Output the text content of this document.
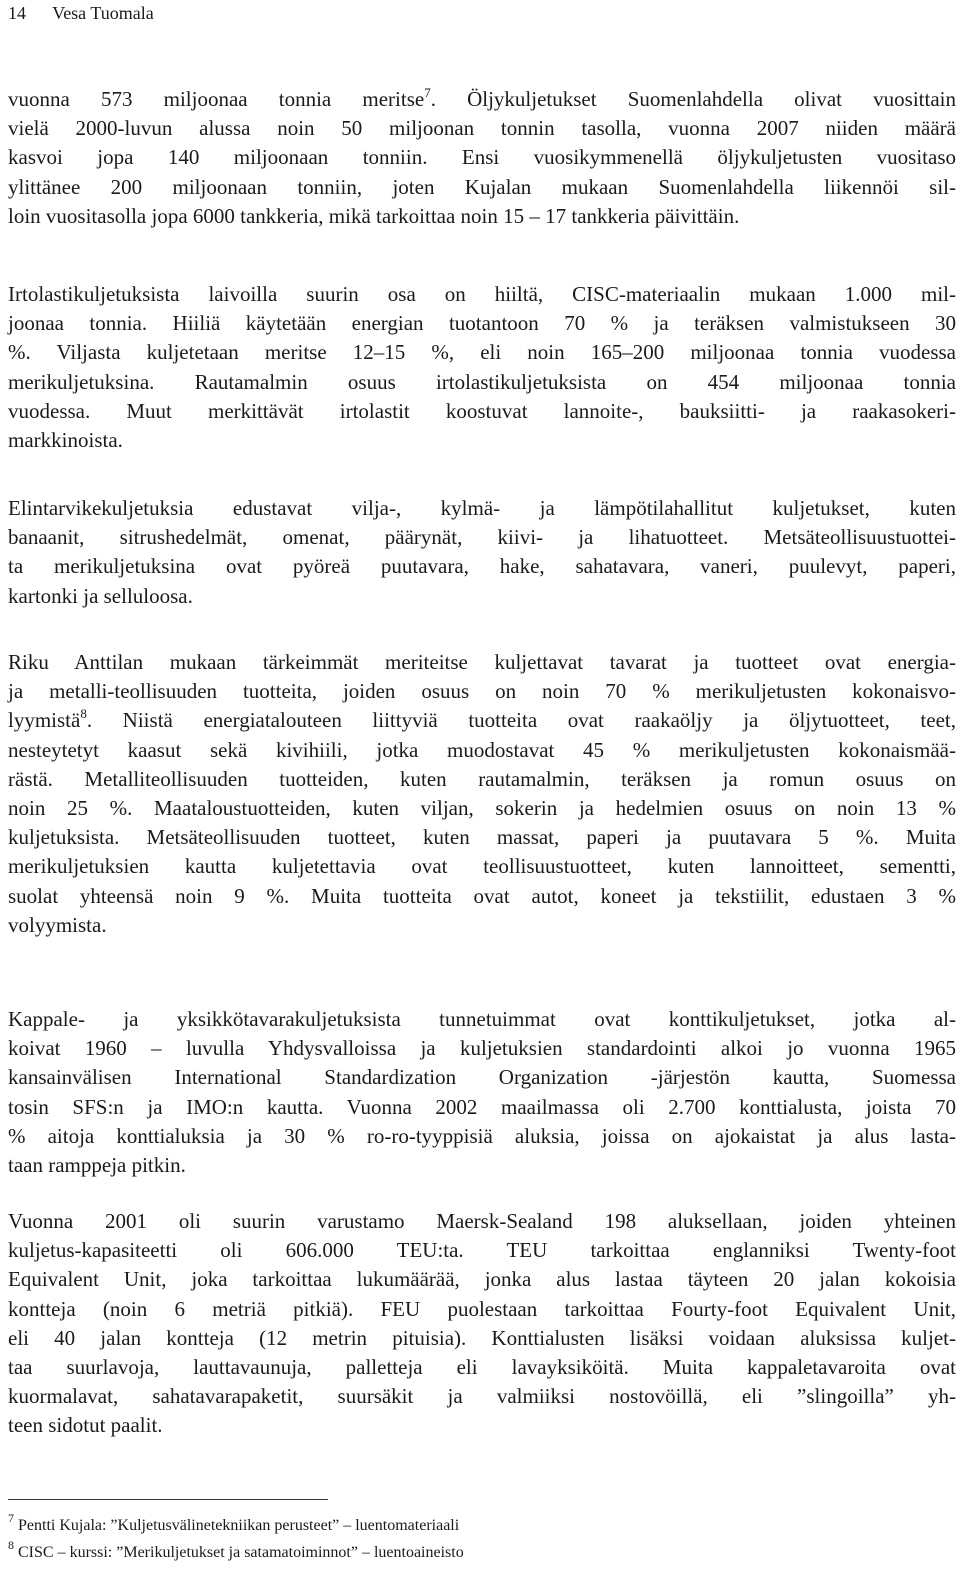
14 Vesa Tuomala
vuonna 573 miljoonaa tonnia meritse$^7$. Öljykuljetukset Suomenlahdella olivat vuosittain
vielä 2000-luvun alussa noin 50 miljoonan tonnin tasolla, vuonna 2007 niiden määrä
kasvoi jopa 140 miljoonaan tonniin. Ensi vuosikymmenellä öljykuljetusten vuositaso
ylittänee 200 miljoonaan tonniin, joten Kujalan mukaan Suomenlahdella liikennöi sil-
loin vuositasolla jopa 6000 tankkeria, mikä tarkoittaa noin 15 – 17 tankkeria päivittäin.
Irtolastikuljetuksista laivoilla suurin osa on hiiltä, CISC-materiaalin mukaan 1.000 mil-
joonaa tonnia. Hiiliä käytetään energian tuotantoon 70 % ja teräksen valmistukseen 30
%. Viljasta kuljetetaan meritse 12–15 %, eli noin 165–200 miljoonaa tonnia vuodessa
merikuljetuksina. Rautamalmin osuus irtolastikuljetuksista on 454 miljoonaa tonnia
vuodessa. Muut merkittävät irtolastit koostuvat lannoite-, bauksiitti- ja raakasokeri-
markkinoista.
Elintarvikekuljetuksia edustavat vilja-, kylmä- ja lämpötilahallitut kuljetukset, kuten
banaanit, sitrushedelmät, omenat, päärynät, kiivi- ja lihatuotteet. Metsäteollisuustuottei-
ta merikuljetuksina ovat pyöreä puutavara, hake, sahatavara, vaneri, puulevyt, paperi,
kartonki ja selluloosa.
Riku Anttilan mukaan tärkeimmät meriteitse kuljettavat tavarat ja tuotteet ovat energia-
ja metalli-teollisuuden tuotteita, joiden osuus on noin 70 % merikuljetusten kokonaisvo-
lyymistä$^8$. Niistä energiatalouteen liittyviä tuotteita ovat raakaöljy ja öljytuotteet, teet,
nesteytetyt kaasut sekä kivihiili, jotka muodostavat 45 % merikuljetusten kokonaismää-
rästä. Metalliteollisuuden tuotteiden, kuten rautamalmin, teräksen ja romun osuus on
noin 25 %. Maataloustuotteiden, kuten viljan, sokerin ja hedelmien osuus on noin 13 %
kuljetuksista. Metsäteollisuuden tuotteet, kuten massat, paperi ja puutavara 5 %. Muita
merikuljetuksien kautta kuljetettavia ovat teollisuustuotteet, kuten lannoitteet, sementti,
suolat yhteensä noin 9 %. Muita tuotteita ovat autot, koneet ja tekstiilit, edustaen 3 %
volyymista.
Kappale- ja yksikkötavarakuljetuksista tunnetuimmat ovat konttikuljetukset, jotka al-
koivat 1960 – luvulla Yhdysvalloissa ja kuljetuksien standardointi alkoi jo vuonna 1965
kansainvälisen International Standardization Organization -järjestön kautta, Suomessa
tosin SFS:n ja IMO:n kautta. Vuonna 2002 maailmassa oli 2.700 konttialusta, joista 70
% aitoja konttialuksia ja 30 % ro-ro-tyyppisiä aluksia, joissa on ajokaistat ja alus lasta-
taan ramppeja pitkin.
Vuonna 2001 oli suurin varustamo Maersk-Sealand 198 aluksellaan, joiden yhteinen
kuljetus-kapasiteetti oli 606.000 TEU:ta. TEU tarkoittaa englanniksi Twenty-foot
Equivalent Unit, joka tarkoittaa lukumäärää, jonka alus lastaa täyteen 20 jalan kokoisia
kontteja (noin 6 metriä pitkiä). FEU puolestaan tarkoittaa Fourty-foot Equivalent Unit,
eli 40 jalan kontteja (12 metrin pituisia). Konttialusten lisäksi voidaan aluksissa kuljet-
taa suurlavoja, lauttavaunuja, palletteja eli lavayksiköitä. Muita kappaletavaroita ovat
kuormalavat, sahatavarapaketit, suursäkit ja valmiiksi nostovöillä, eli ”slingoilla” yh-
teen sidotut paalit.
$^7$ Pentti Kujala: ”Kuljetusvälinetekniikan perusteet” – luentomateriaali
$^8$ CISC – kurssi: ”Merikuljetukset ja satamatoiminnot” – luentoaineisto
